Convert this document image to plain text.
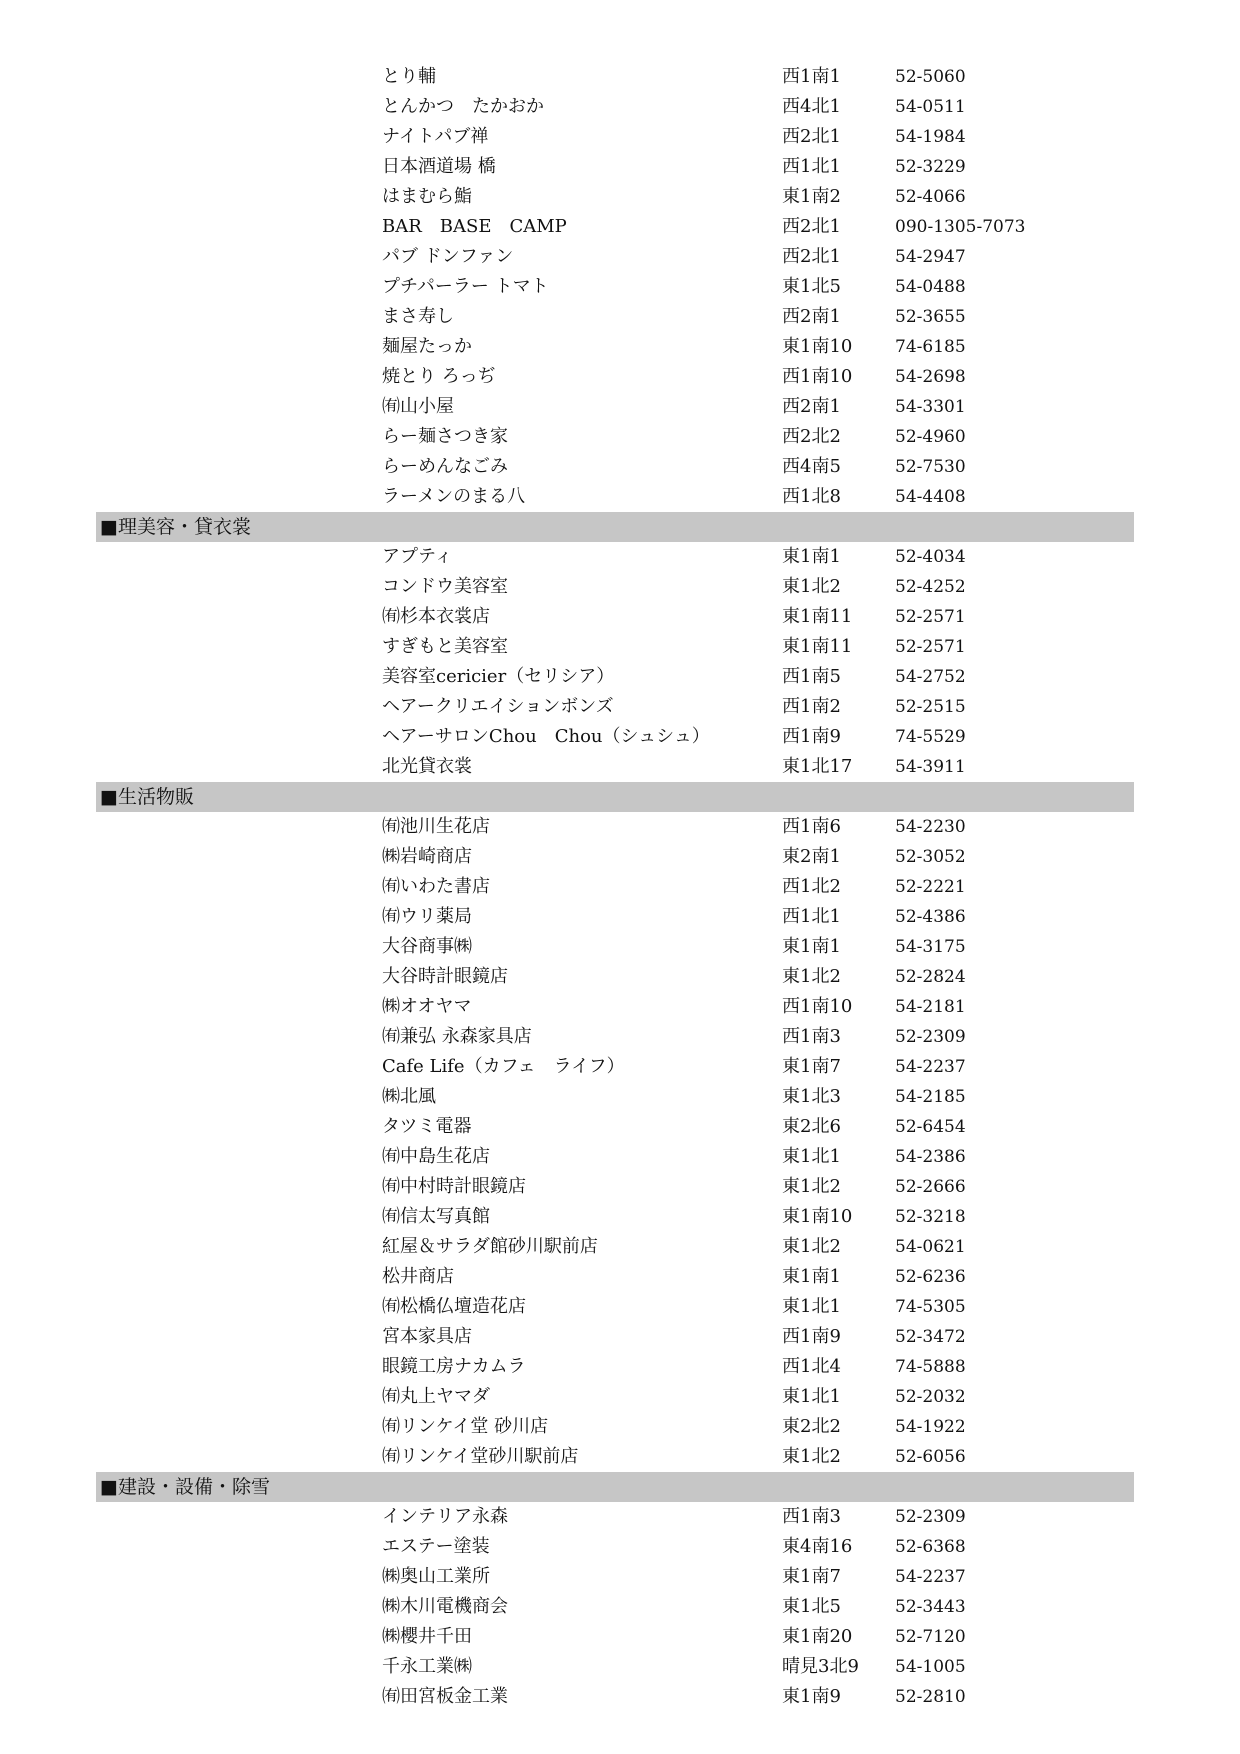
とり輔	西1南1	52-5060
とんかつ　たかおか	西4北1	54-0511
ナイトパブ禅	西2北1	54-1984
日本酒道場 橋	西1北1	52-3229
はまむら鮨	東1南2	52-4066
BAR　BASE　CAMP	西2北1	090-1305-7073
パブ ドンファン	西2北1	54-2947
プチパーラー トマト	東1北5	54-0488
まさ寿し	西2南1	52-3655
麺屋たっか	東1南10	74-6185
焼とり ろっぢ	西1南10	54-2698
㈲山小屋	西2南1	54-3301
らー麺さつき家	西2北2	52-4960
らーめんなごみ	西4南5	52-7530
ラーメンのまる八	西1北8	54-4408
■理美容・貸衣裳
アプティ	東1南1	52-4034
コンドウ美容室	東1北2	52-4252
㈲杉本衣裳店	東1南11	52-2571
すぎもと美容室	東1南11	52-2571
美容室cericier（セリシア）	西1南5	54-2752
ヘアークリエイションボンズ	西1南2	52-2515
ヘアーサロンChou　Chou（シュシュ）	西1南9	74-5529
北光貸衣裳	東1北17	54-3911
■生活物販
㈲池川生花店	西1南6	54-2230
㈱岩崎商店	東2南1	52-3052
㈲いわた書店	西1北2	52-2221
㈲ウリ薬局	西1北1	52-4386
大谷商事㈱	東1南1	54-3175
大谷時計眼鏡店	東1北2	52-2824
㈱オオヤマ	西1南10	54-2181
㈲兼弘 永森家具店	西1南3	52-2309
Cafe Life（カフェ　ライフ）	東1南7	54-2237
㈱北風	東1北3	54-2185
タツミ電器	東2北6	52-6454
㈲中島生花店	東1北1	54-2386
㈲中村時計眼鏡店	東1北2	52-2666
㈲信太写真館	東1南10	52-3218
紅屋＆サラダ館砂川駅前店	東1北2	54-0621
松井商店	東1南1	52-6236
㈲松橋仏壇造花店	東1北1	74-5305
宮本家具店	西1南9	52-3472
眼鏡工房ナカムラ	西1北4	74-5888
㈲丸上ヤマダ	東1北1	52-2032
㈲リンケイ堂 砂川店	東2北2	54-1922
㈲リンケイ堂砂川駅前店	東1北2	52-6056
■建設・設備・除雪
インテリア永森	西1南3	52-2309
エステー塗装	東4南16	52-6368
㈱奥山工業所	東1南7	54-2237
㈱木川電機商会	東1北5	52-3443
㈱櫻井千田	東1南20	52-7120
千永工業㈱	晴見3北9 54-1005
㈲田宮板金工業	東1南9	52-2810
